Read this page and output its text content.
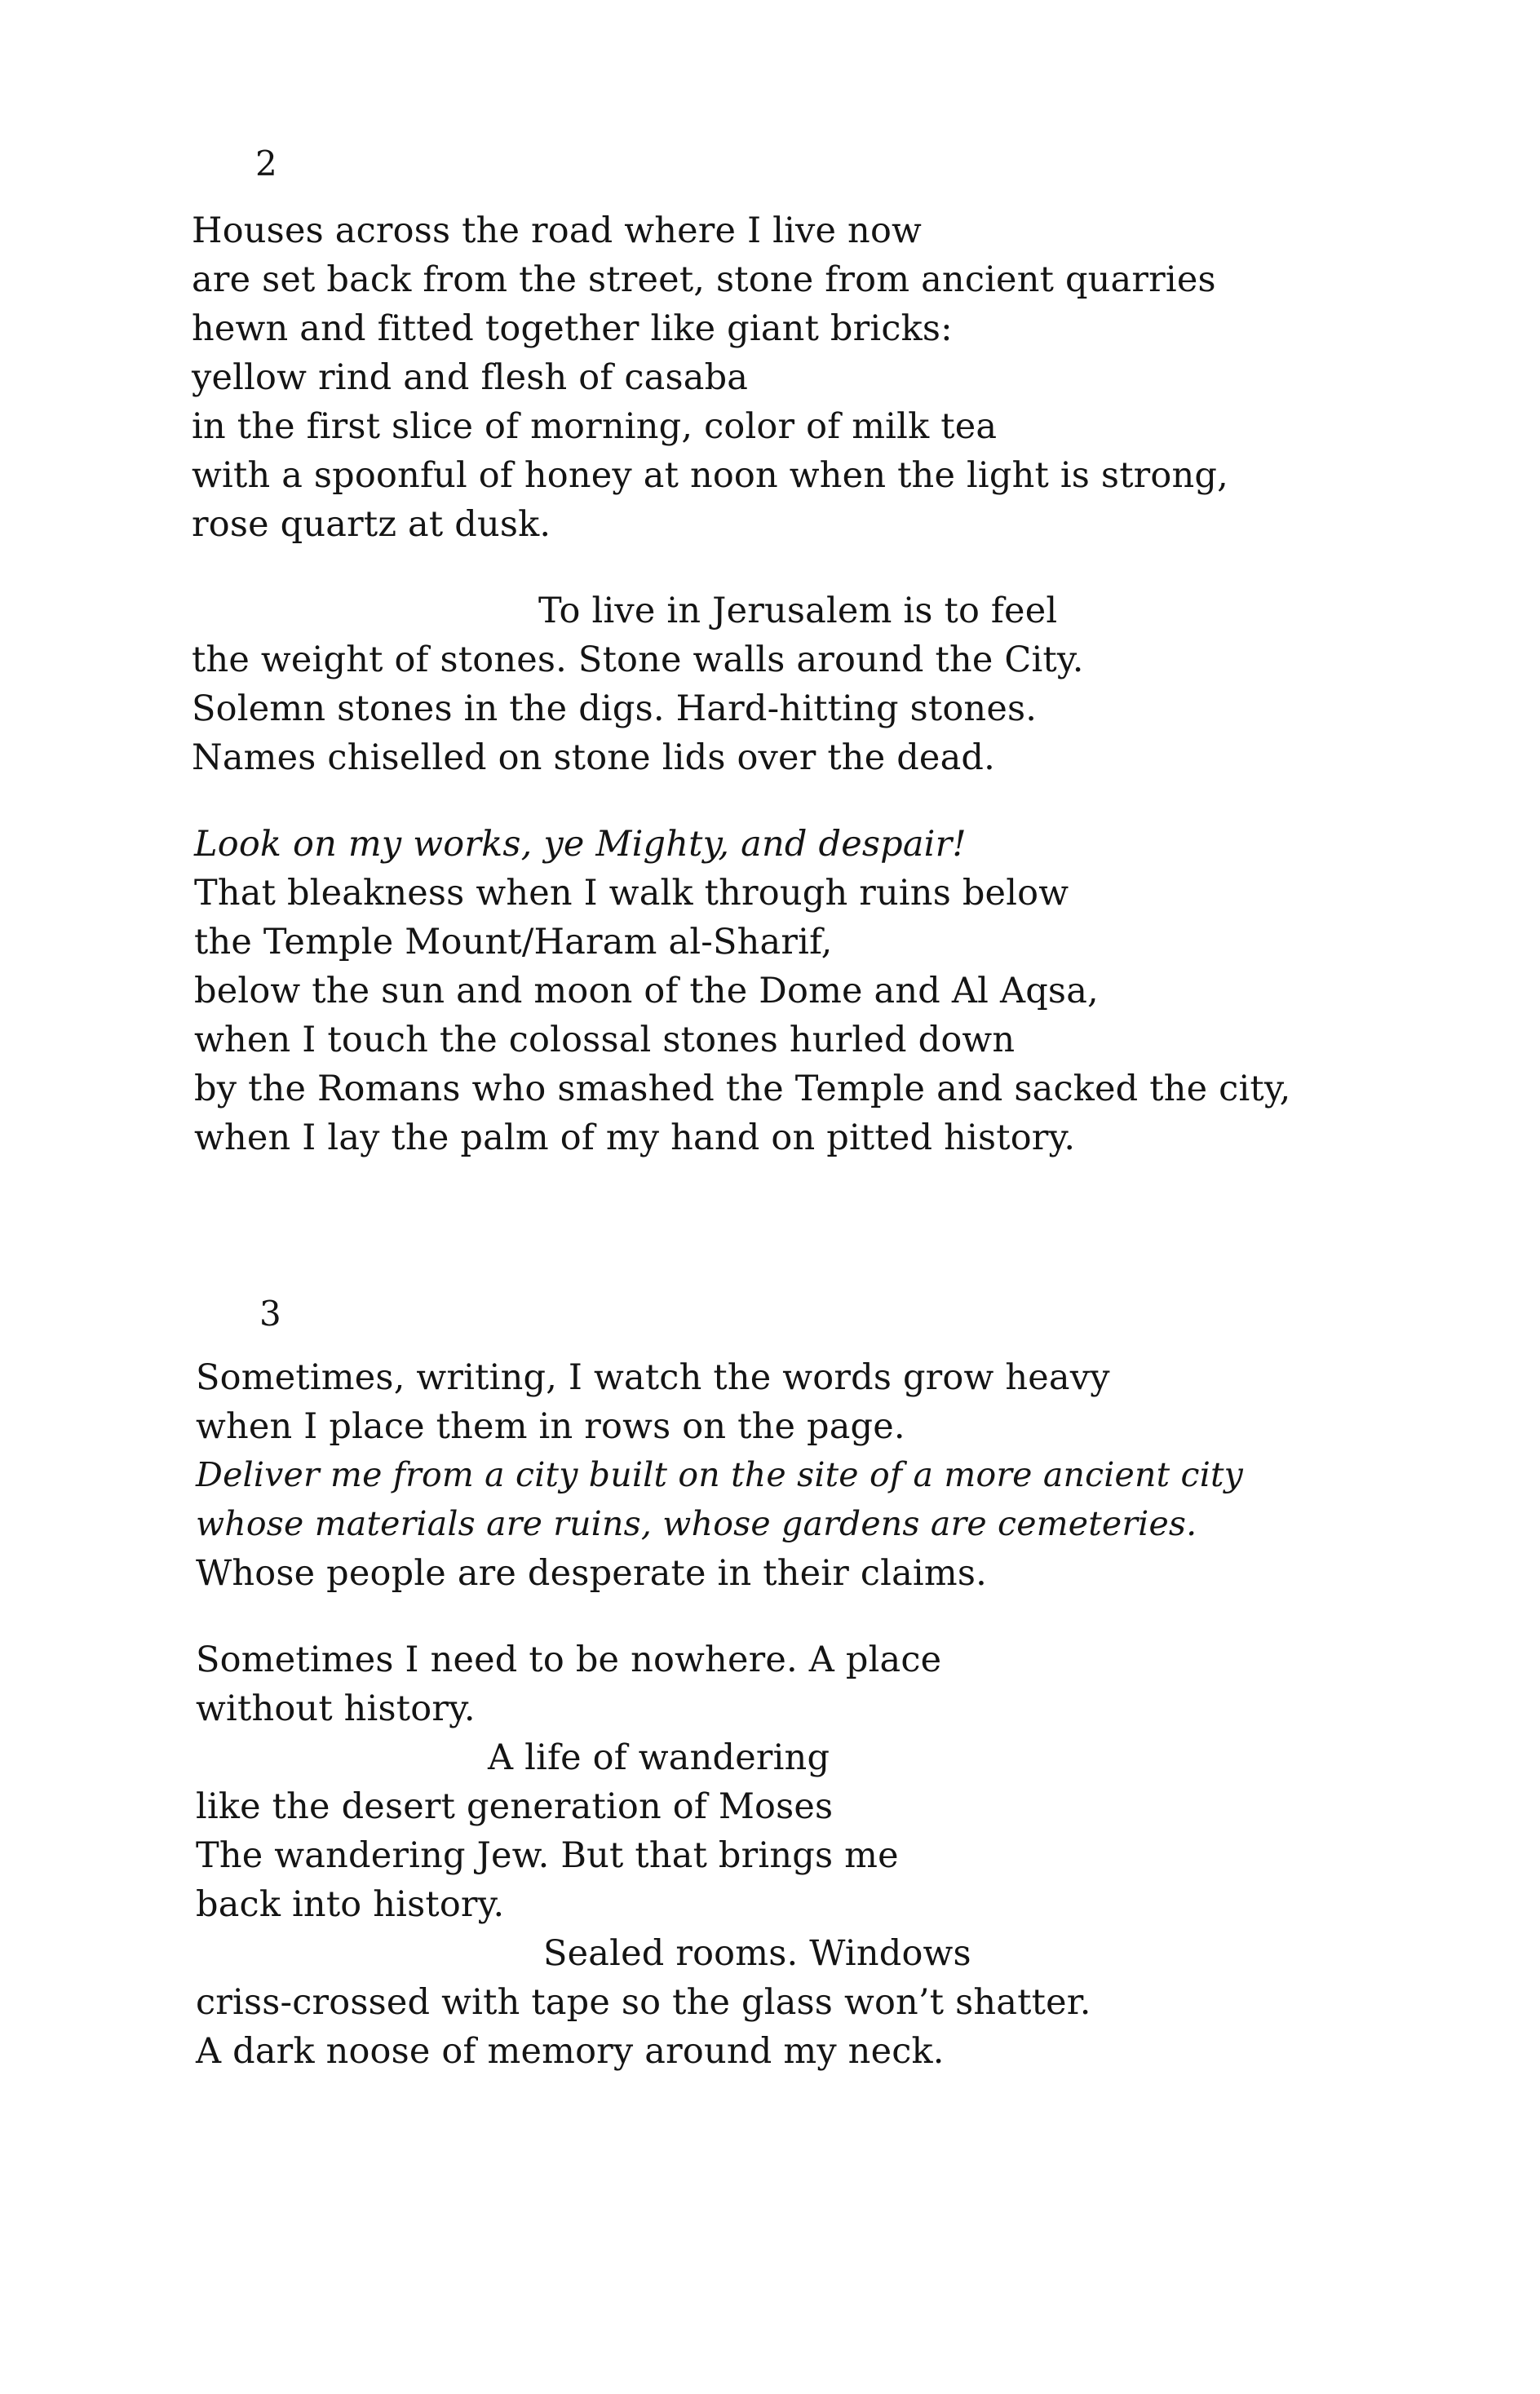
2
Houses across the road where I live now
are set back from the street, stone from ancient quarries
hewn and fitted together like giant bricks:
yellow rind and flesh of casaba
in the first slice of morning, color of milk tea
with a spoonful of honey at noon when the light is strong,
rose quartz at dusk.
To live in Jerusalem is to feel
the weight of stones. Stone walls around the City.
Solemn stones in the digs. Hard-hitting stones.
Names chiselled on stone lids over the dead.
Look on my works, ye Mighty, and despair!
That bleakness when I walk through ruins below
the Temple Mount/Haram al-Sharif,
below the sun and moon of the Dome and Al Aqsa,
when I touch the colossal stones hurled down
by the Romans who smashed the Temple and sacked the city,
when I lay the palm of my hand on pitted history.
3
Sometimes, writing, I watch the words grow heavy
when I place them in rows on the page.
Deliver me from a city built on the site of a more ancient city
whose materials are ruins, whose gardens are cemeteries.
Whose people are desperate in their claims.
Sometimes I need to be nowhere. A place
without history.
A life of wandering
like the desert generation of Moses
The wandering Jew. But that brings me
back into history.
Sealed rooms. Windows
criss-crossed with tape so the glass won’t shatter.
A dark noose of memory around my neck.
